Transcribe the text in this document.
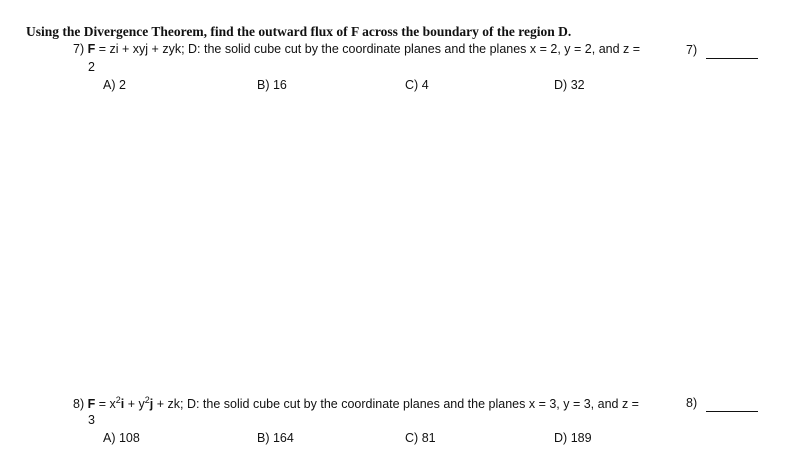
Using the Divergence Theorem, find the outward flux of F across the boundary of the region D.
7) F = zi + xyj + zyk; D: the solid cube cut by the coordinate planes and the planes x = 2, y = 2, and z =
2
7)
A) 2	B) 16	C) 4	D) 32
8) $F = x^2i + y^2j$ + zk; D: the solid cube cut by the coordinate planes and the planes x = 3, y = 3, and z =
3
8)
A) 108	B) 164	C) 81	D) 189
